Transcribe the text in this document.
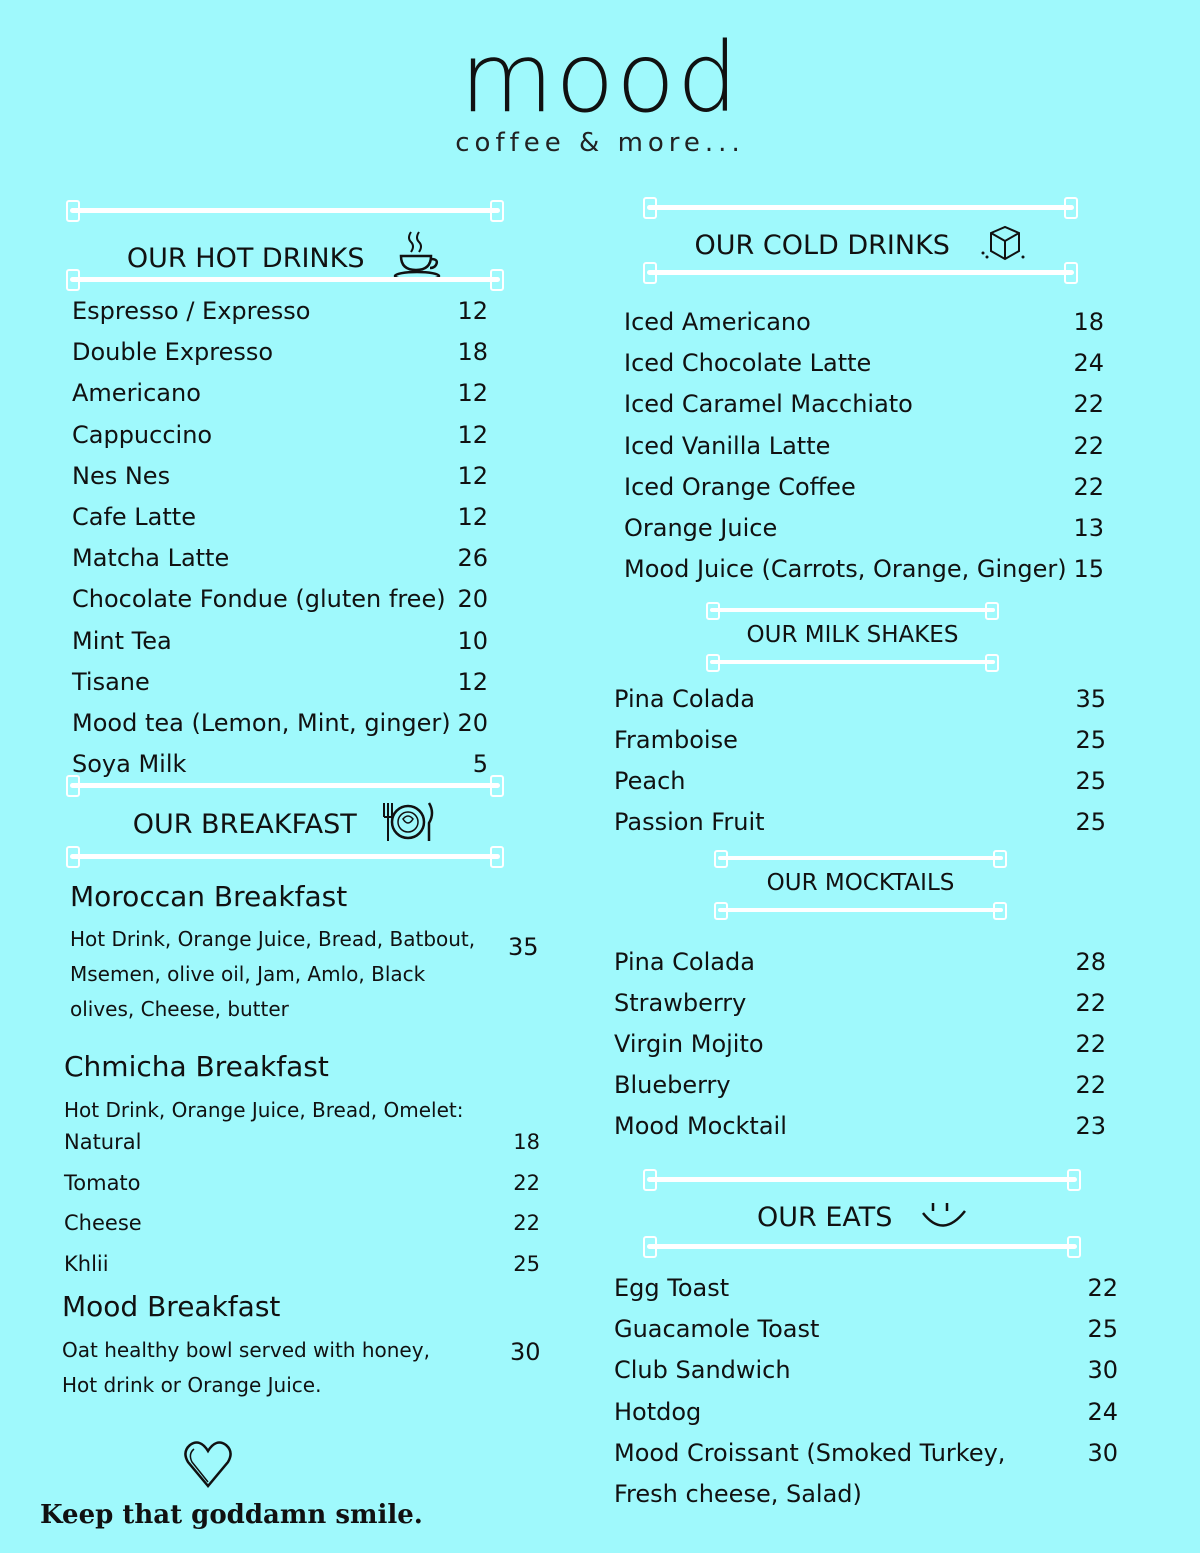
mood
coffee & more...
OUR HOT DRINKS
Espresso / Expresso	12
Double Expresso	18
Americano	12
Cappuccino	12
Nes Nes	12
Cafe Latte	12
Matcha Latte	26
Chocolate Fondue (gluten free) 20
Mint Tea	10
Tisane	12
Mood tea (Lemon, Mint, ginger) 20
Soya Milk	5
OUR BREAKFAST
Moroccan Breakfast
Hot Drink, Orange Juice, Bread, Batbout, Msemen, olive oil, Jam, Amlo, Black olives, Cheese, butter
35
Chmicha Breakfast
Hot Drink, Orange Juice, Bread, Omelet:
Natural	18
Tomato	22
Cheese	22
Khlii	25
Mood Breakfast
Oat healthy bowl served with honey, Hot drink or Orange Juice.
30
Keep that goddamn smile.
OUR COLD DRINKS
Iced Americano	18
Iced Chocolate Latte	24
Iced Caramel Macchiato	22
Iced Vanilla Latte	22
Iced Orange Coffee	22
Orange Juice	13
Mood Juice (Carrots, Orange, Ginger) 15
OUR MILK SHAKES
Pina Colada	35
Framboise	25
Peach	25
Passion Fruit	25
OUR MOCKTAILS
Pina Colada	28
Strawberry	22
Virgin Mojito	22
Blueberry	22
Mood Mocktail	23
OUR EATS
Egg Toast	22
Guacamole Toast	25
Club Sandwich	30
Hotdog	24
Mood Croissant (Smoked Turkey,	30
Fresh cheese, Salad)
